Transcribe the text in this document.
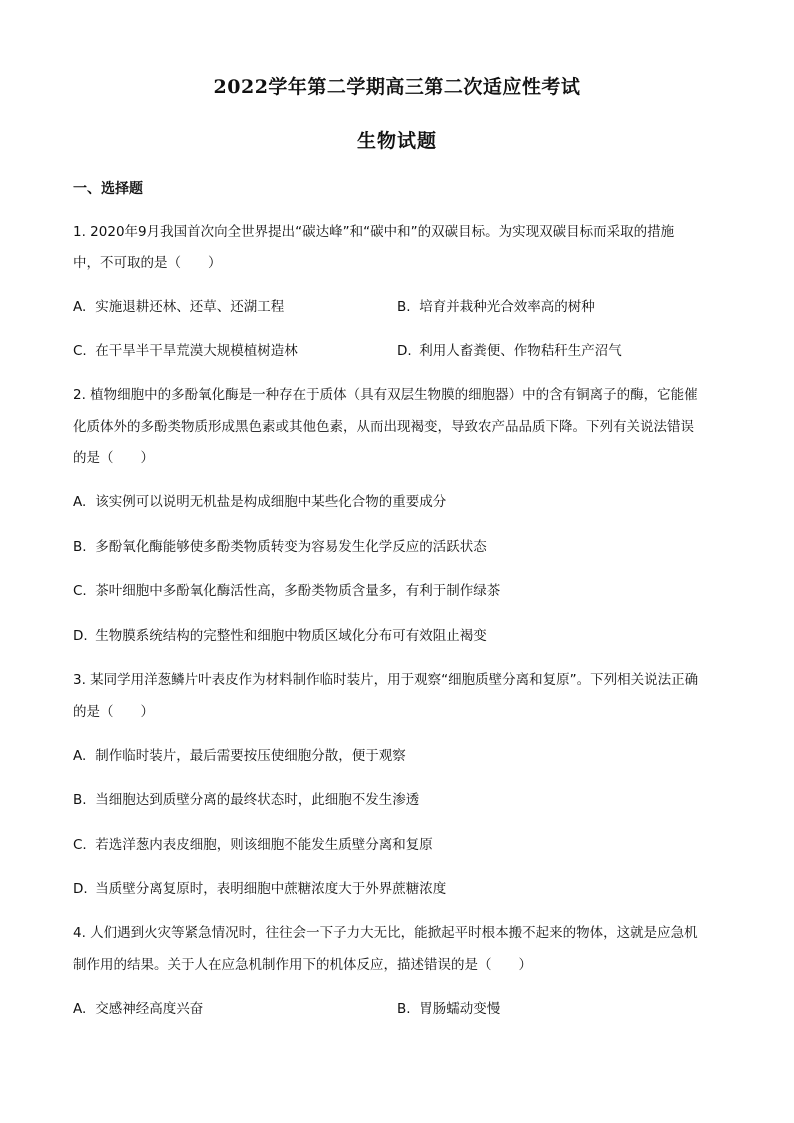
2022学年第二学期高三第二次适应性考试
生物试题
一、选择题
1. 2020年9月我国首次向全世界提出“碳达峰”和“碳中和”的双碳目标。为实现双碳目标而采取的措施
中，不可取的是（　　）
A. 实施退耕还林、还草、还湖工程	B. 培育并栽种光合效率高的树种
C. 在干旱半干旱荒漠大规模植树造林	D. 利用人畜粪便、作物秸秆生产沼气
2. 植物细胞中的多酚氧化酶是一种存在于质体（具有双层生物膜的细胞器）中的含有铜离子的酶，它能催
化质体外的多酚类物质形成黑色素或其他色素，从而出现褐变，导致农产品品质下降。下列有关说法错误
的是（　　）
A. 该实例可以说明无机盐是构成细胞中某些化合物的重要成分
B. 多酚氧化酶能够使多酚类物质转变为容易发生化学反应的活跃状态
C. 茶叶细胞中多酚氧化酶活性高，多酚类物质含量多，有利于制作绿茶
D. 生物膜系统结构的完整性和细胞中物质区域化分布可有效阻止褐变
3. 某同学用洋葱鳞片叶表皮作为材料制作临时装片，用于观察“细胞质壁分离和复原”。下列相关说法正确
的是（　　）
A. 制作临时装片，最后需要按压使细胞分散，便于观察
B. 当细胞达到质壁分离的最终状态时，此细胞不发生渗透
C. 若选洋葱内表皮细胞，则该细胞不能发生质壁分离和复原
D. 当质壁分离复原时，表明细胞中蔗糖浓度大于外界蔗糖浓度
4. 人们遇到火灾等紧急情况时，往往会一下子力大无比，能掀起平时根本搬不起来的物体，这就是应急机
制作用的结果。关于人在应急机制作用下的机体反应，描述错误的是（　　）
A. 交感神经高度兴奋	B. 胃肠蠕动变慢
